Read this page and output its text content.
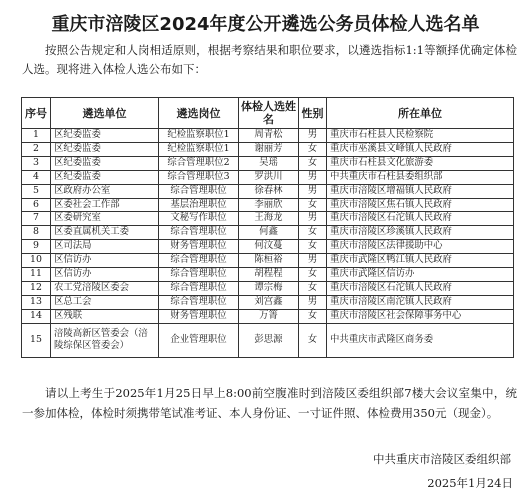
重庆市涪陵区2024年度公开遴选公务员体检人选名单
按照公告规定和人岗相适原则，根据考察结果和职位要求，以遴选指标1:1等额择优确定体检人选。现将进入体检人选公布如下：
序号	遴选单位	遴选岗位	体检人选姓名	性别	所在单位
1	区纪委监委	纪检监察职位1	周青松	男	重庆市石柱县人民检察院
2	区纪委监委	纪检监察职位1	谢丽芳	女	重庆市巫溪县文峰镇人民政府
3	区纪委监委	综合管理职位2	吴瑶	女	重庆市石柱县文化旅游委
4	区纪委监委	综合管理职位3	罗洪川	男	中共重庆市石柱县委组织部
5	区政府办公室	综合管理职位	徐春林	男	重庆市涪陵区增福镇人民政府
6	区委社会工作部	基层治理职位	李丽欣	女	重庆市涪陵区焦石镇人民政府
7	区委研究室	文秘写作职位	王海龙	男	重庆市涪陵区石沱镇人民政府
8	区委直属机关工委	综合管理职位	何鑫	女	重庆市涪陵区珍溪镇人民政府
9	区司法局	财务管理职位	何汶蔓	女	重庆市涪陵区法律援助中心
10	区信访办	综合管理职位	陈桓裕	男	重庆市武隆区鸭江镇人民政府
11	区信访办	综合管理职位	胡程程	女	重庆市武隆区信访办
12	农工党涪陵区委会	综合管理职位	谭宗梅	女	重庆市涪陵区石沱镇人民政府
13	区总工会	综合管理职位	刘宫鑫	男	重庆市涪陵区南沱镇人民政府
14	区残联	财务管理职位	万箐	女	重庆市涪陵区社会保障事务中心
15	涪陵高新区管委会（涪陵综保区管委会）	企业管理职位	彭思源	女	中共重庆市武隆区商务委
请以上考生于2025年1月25日早上8:00前空腹准时到涪陵区委组织部7楼大会议室集中，统一参加体检，体检时须携带笔试准考证、本人身份证、一寸证件照、体检费用350元（现金）。
中共重庆市涪陵区委组织部
2025年1月24日
